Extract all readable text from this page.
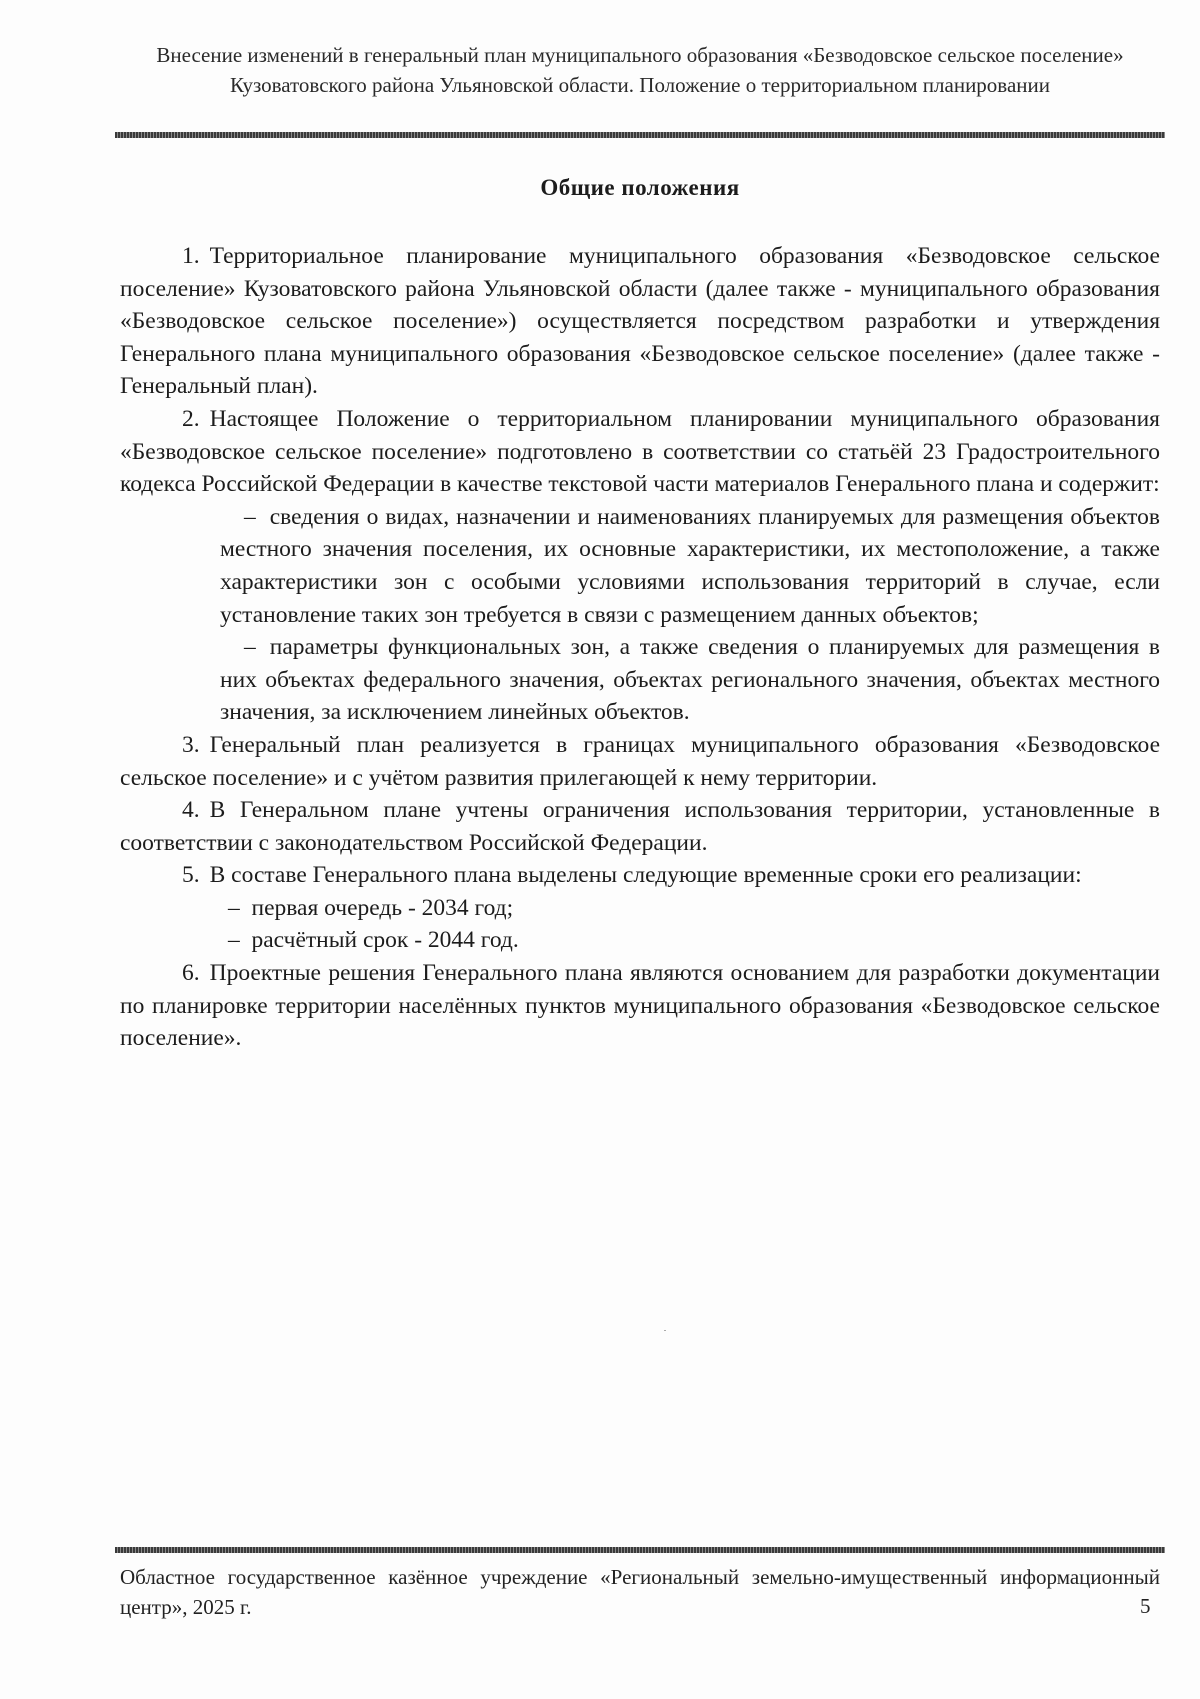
Внесение изменений в генеральный план муниципального образования «Безводовское сельское поселение» Кузоватовского района Ульяновской области. Положение о территориальном планировании
Общие положения

1. Территориальное планирование муниципального образования «Безводовское сельское поселение» Кузоватовского района Ульяновской области (далее также - муниципального образования «Безводовское сельское поселение») осуществляется посредством разработки и утверждения Генерального плана муниципального образования «Безводовское сельское поселение» (далее также - Генеральный план).

2. Настоящее Положение о территориальном планировании муниципального образования «Безводовское сельское поселение» подготовлено в соответствии со статьёй 23 Градостроительного кодекса Российской Федерации в качестве текстовой части материалов Генерального плана и содержит:

– сведения о видах, назначении и наименованиях планируемых для размещения объектов местного значения поселения, их основные характеристики, их местоположение, а также характеристики зон с особыми условиями использования территорий в случае, если установление таких зон требуется в связи с размещением данных объектов;
– параметры функциональных зон, а также сведения о планируемых для размещения в них объектах федерального значения, объектах регионального значения, объектах местного значения, за исключением линейных объектов.

3. Генеральный план реализуется в границах муниципального образования «Безводовское сельское поселение» и с учётом развития прилегающей к нему территории.

4. В Генеральном плане учтены ограничения использования территории, установленные в соответствии с законодательством Российской Федерации.

5. В составе Генерального плана выделены следующие временные сроки его реализации:

– первая очередь - 2034 год;
– расчётный срок - 2044 год.

6. Проектные решения Генерального плана являются основанием для разработки документации по планировке территории населённых пунктов муниципального образования «Безводовское сельское поселение».

Областное государственное казённое учреждение «Региональный земельно-имущественный информационный центр», 2025 г.	5
